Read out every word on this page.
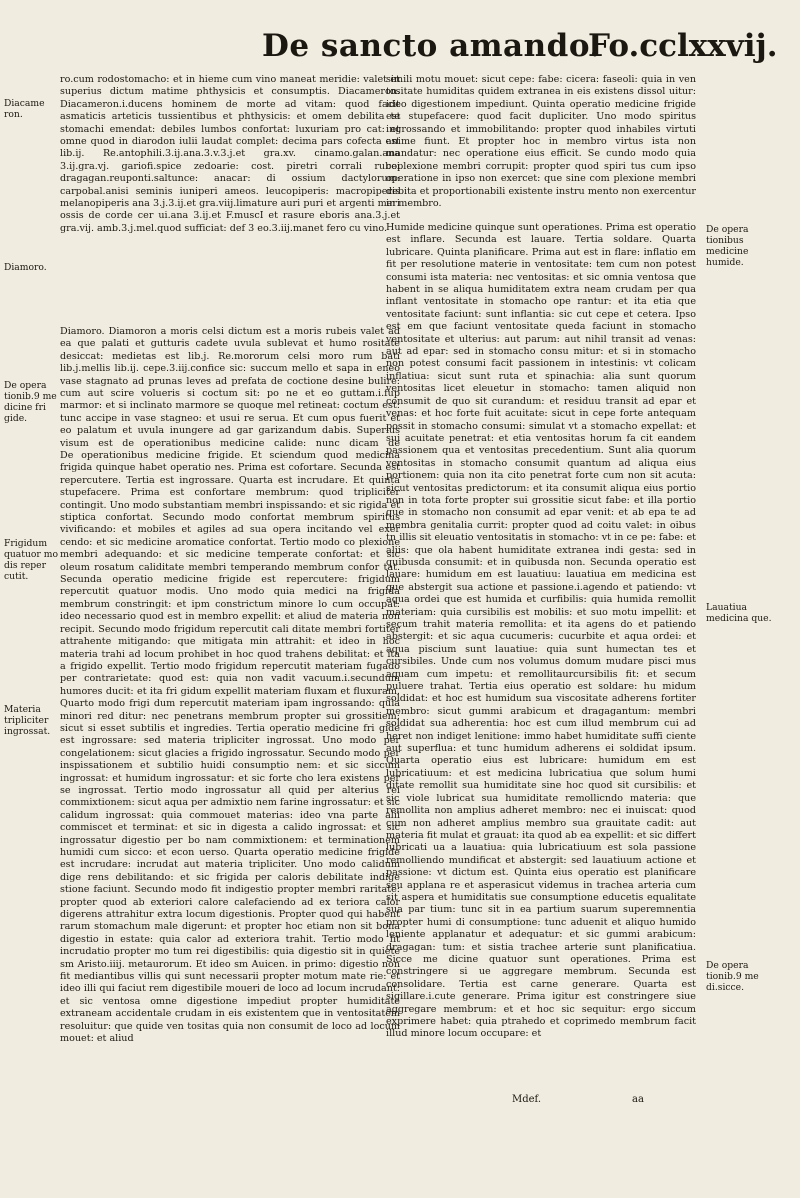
De sancto amando.
Fo.cclxxvij.

ro.cum rodostomacho: et in hieme cum vino maneat meridie: valet et superius dictum matime phthysicis et consumptis. Diacameron. Diacameron.i.ducens hominem de morte ad vitam: quod facit asmaticis arteticis tussientibus et phthysicis: et omem debilita te stomachi emendat: debiles lumbos confortat: luxuriam pro cat: et omne quod in diarodon iulii laudat complet: decima pars cofecta est lib.ij. Re.antophili.3.ij.ana.3.v.3.j.et gra.xv. cinamo.galan.ana 3.ij.gra.vj. gariofi.spice zedoarie: cost. piretri corrali rubei dragagan.reuponti.saltunce: anacar: di ossium dactylorum: carpobal.anisi seminis iuniperi ameos. leucopiperis: macropiperis melanopiperis ana 3.j.3.ij.et gra.viij.limature auri puri et argenti meri ossis de corde cer ui.ana 3.ij.et F.muscI et rasure eboris ana.3.j.et gra.vij. amb.3.j.mel.quod sufficiat: def 3 eo.3.iij.manet fero cu vino.

Diamoro. Diamoron a moris celsi dictum est a moris rubeis valet ad ea que palati et gutturis cadete uvula sublevat et humo rositate desiccat: medietas est lib.j. Re.mororum celsi moro rum bati lib.j.mellis lib.ij. cepe.3.iij.confice sic: succum mello et sapa in eneo vase stagnato ad prunas leves ad prefata de coctione desine bulire: cum aut scire volueris si coctum sit: po ne et eo guttam.i.fup marmor: et si inclinato marmore se quoque mel retineat: coctum est: tunc accipe in vase stagneo: et usui re serua. Et cum opus fuerit et eo palatum et uvula inungere ad gar garizandum dabis. Superius visum est de operationibus medicine calide: nunc dicam de

De operationibus medicine frigide. Et sciendum quod medicina frigida quinque habet operatio nes. Prima est cofortare. Secunda est repercutere. Tertia est ingrossare. Quarta est incrudare. Et quinta stupefacere. Prima est confortare membrum: quod tripliciter contingit. Uno modo substantiam membri inspissando: et sic rigida et stiptica confortat. Secundo modo confortat membrum spiritus vivificando: et mobiles et agiles ad sua opera incitando vel exer cendo: et sic medicine aromatice confortat. Tertio modo co plexione membri adequando: et sic medicine temperate confortat: et sic oleum rosatum caliditate membri temperando membrum confor tat. Secunda operatio medicine frigide est repercutere: frigidum repercutit quatuor modis. Uno modo quia medici na frigida membrum constringit: et ipm constrictum minore lo cum occupat: ideo necessario quod est in membro expellit: et aliud de materia non recipit. Secundo modo frigidum repercutit cali ditate membri fortiter attrahente mitigando: que mitigata min attrahit: et ideo in hoc materia trahi ad locum prohibet in hoc quod trahens debilitat: et ita a frigido expellit. Tertio modo frigidum repercutit materiam fugado per contrarietate: quod est: quia non vadit vacuum.i.secundum humores ducit: et ita fri gidum expellit materiam fluxam et fluxuram. Quarto modo frigi dum repercutit materiam ipam ingrossando: quia minori red ditur: nec penetrans membrum propter sui grossitiem: sicut si esset subtilis et ingredies. Tertia operatio medicine fri gide est ingrossare: sed materia tripliciter ingrossat. Uno modo per congelationem: sicut glacies a frigido ingrossatur. Secundo modo per inspissationem et subtilio huidi consumptio nem: et sic siccum ingrossat: et humidum ingrossatur: et sic forte cho lera existens per se ingrossat. Tertio modo ingrossatur all quid per alterius rei commixtionem: sicut aqua per admixtio nem farine ingrossatur: et sic calidum ingrossat: quia commouet materias: ideo vna parte alii commiscet et terminat: et sic in digesta a calido ingrossat: et sic ingrossatur digestio per bo nam commixtionem: et terminationem humidi cum sicco: et econ uerso. Quarta operatio medicine frigide est incrudare: incrudat aut materia tripliciter. Uno modo calidum dige rens debilitando: et sic frigida per caloris debilitate indige stione faciunt. Secundo modo fit indigestio propter membri raritate: propter quod ab exteriori calore calefaciendo ad ex teriora calor digerens attrahitur extra locum digestionis. Propter quod qui habent rarum stomachum male digerunt: et propter hoc etiam non sit bona digestio in estate: quia calor ad exteriora trahit. Tertio modo fit incrudatio propter mo tum rei digestibilis: quia digestio sit in quiete sm Aristo.iiij. metaurorum. Et ideo sm Auicen. in primo: digestio non fit mediantibus villis qui sunt necessarii propter motum mate rie: et ideo illi qui faciut rem digestibile moueri de loco ad locum incrudant: et sic ventosa omne digestione impediut propter humiditate extraneam accidentale crudam in eis existentem que in ventositatem resoluitur: que quide ven tositas quia non consumit de loco ad locum mouet: et aliud

simili motu mouet: sicut cepe: fabe: cicera: faseoli: quia in ven tositate humiditas quidem extranea in eis existens dissol uitur: ideo digestionem impediunt. Quinta operatio medicine frigide est stupefacere: quod facit dupliciter. Uno modo spiritus ingrossando et immobilitando: propter quod inhabiles virtuti anime fiunt. Et propter hoc in membro virtus ista non mandatur: nec operatione eius efficit. Se cundo modo quia coplexione membri corrupit: propter quod spiri tus cum ipso operatione in ipso non exercet: que sine com plexione membri debita et proportionabili existente instru mento non exercentur in membro.

Humide medicine quinque sunt operationes. Prima est operatio est inflare. Secunda est lauare. Tertia soldare. Quarta lubricare. Quinta planificare. Prima aut est in flare: inflatio em fit per resolutione materie in ventositate: tem cum non potest consumi ista materia: nec ventositas: et sic omnia ventosa que habent in se aliqua humiditatem extra neam crudam per qua inflant ventositate in stomacho ope rantur: et ita etia que ventositate faciunt: sunt inflantia: sic cut cepe et cetera. Ipso est em que faciunt ventositate queda faciunt in stomacho ventositate et ulterius: aut parum: aut nihil transit ad venas: aut ad epar: sed in stomacho consu mitur: et si in stomacho non potest consumi facit passionem in intestinis: vt colicam inflatiua: sicut sunt ruta et spinachia: alia sunt quorum ventositas licet eleuetur in stomacho: tamen aliquid non consumit de quo sit curandum: et residuu transit ad epar et venas: et hoc forte fuit acuitate: sicut in cepe forte antequam possit in stomacho consumi: simulat vt a stomacho expellat: et sui acuitate penetrat: et etia ventositas horum fa cit eandem passionem qua et ventositas precedentium. Sunt alia quorum ventositas in stomacho consumit quantum ad aliqua eius portionem: quia non ita cito penetrat forte cum non sit acuta: sicut ventositas predictorum: et ita consumit aliqua eius portio non in tota forte propter sui grossitie sicut fabe: et illa portio que in stomacho non consumit ad epar venit: et ab epa te ad membra genitalia currit: propter quod ad coitu valet: in oibus tn illis sit eleuatio ventositatis in stomacho: vt in ce pe: fabe: et aliis: que ola habent humiditate extranea indi gesta: sed in quibusda consumit: et in quibusda non. Secunda operatio est lauare: humidum em est lauatiuu: lauatiua em medicina est que abstergit sua actione et passione.i.agendo et patiendo: vt aqua ordei que est humida et curfibilis: quia humida remollit materiam: quia cursibilis est mobilis: et suo motu impellit: et secum trahit materia remollita: et ita agens do et patiendo abstergit: et sic aqua cucumeris: cucurbite et aqua ordei: et aqua piscium sunt lauatiue: quia sunt humectan tes et cursibiles. Unde cum nos volumus domum mudare pisci mus aquam cum impetu: et remollitaurcursibilis fit: et secum puluere trahat. Tertia eius operatio est soldare: hu midum soldidat: et hoc est humidum sua viscositate adherens fortiter membro: sicut gummi arabicum et dragagantum: membri soldidat sua adherentia: hoc est cum illud membrum cui ad heret non indiget lenitione: immo habet humiditate suffi ciente aut superflua: et tunc humidum adherens ei soldidat ipsum. Quarta operatio eius est lubricare: humidum em est lubricatiuum: et est medicina lubricatiua que solum humi ditate remollit sua humiditate sine hoc quod sit cursibilis: et sic viole lubricat sua humiditate remollicndo materia: que remollita non amplius adheret membro: nec ei inuiscat: quod cum non adheret amplius membro sua grauitate cadit: aut materia fit mulat et grauat: ita quod ab ea expellit: et sic differt lubricati ua a lauatiua: quia lubricatiuum est sola passione remolliendo mundificat et abstergit: sed lauatiuum actione et passione: vt dictum est. Quinta eius operatio est planificare seu applana re et asperasicut videmus in trachea arteria cum sit aspera et humiditatis sue consumptione educetis equalitate sua par tium: tunc sit in ea partium suarum superemnentia propter humi di consumptione: tunc aduenit et aliquo humido leniente applanatur et adequatur: et sic gummi arabicum: dragagan: tum: et sistia trachee arterie sunt planificatiua. Sicce me dicine quatuor sunt operationes. Prima est constringere si ue aggregare membrum. Secunda est consolidare. Tertia est carne generare. Quarta est sigillare.i.cute generare. Prima igitur est constringere siue aggregare membrum: et et hoc sic sequitur: ergo siccum exprimere habet: quia ptrahedo et coprimedo membrum facit illud minore locum occupare: et

Diacame ron.
Diamoro.
De opera tionib.9 me dicine fri gide.
Frigidum quatuor mo dis reper cutit.
Materia tripliciter ingrossat.
De opera tionibus medicine humide.
Lauatiua medicina que.
De opera tionib.9 me di.sicce.
Mdef.	aa
